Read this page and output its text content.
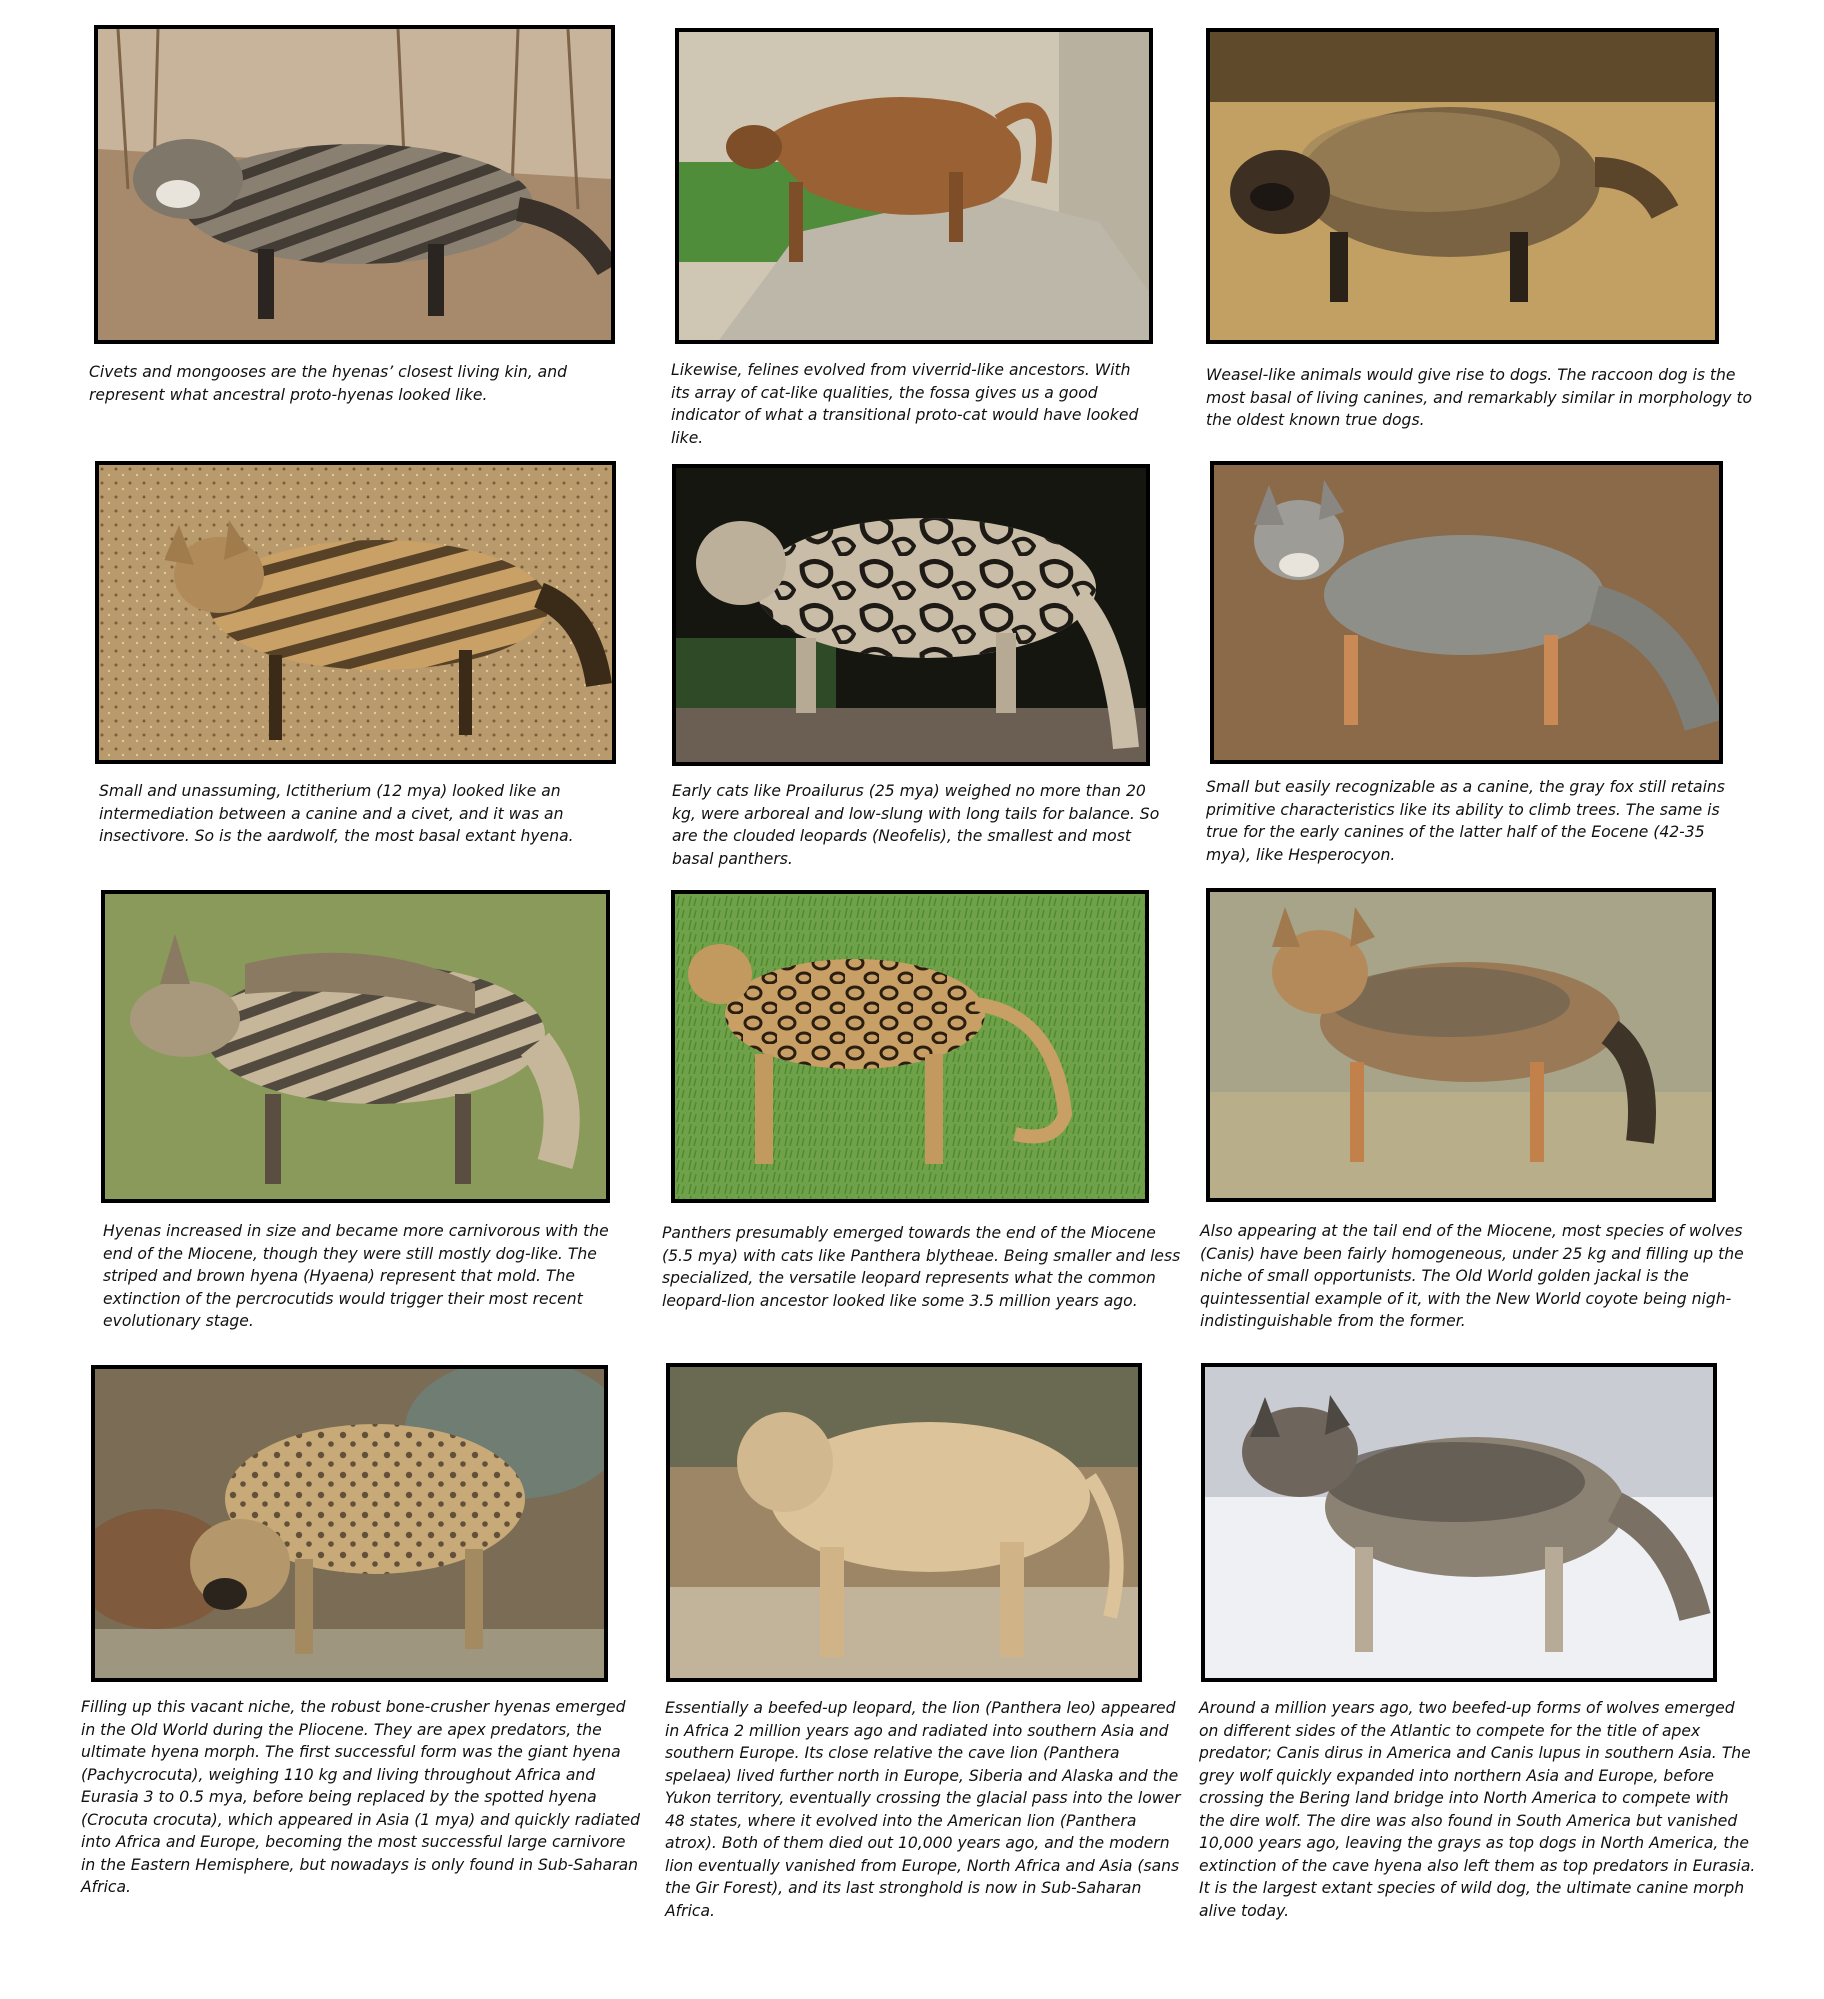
Civets and mongooses are the hyenas’ closest living kin, and represent what ancestral proto-hyenas looked like.

Likewise, felines evolved from viverrid-like ancestors. With its array of cat-like qualities, the fossa gives us a good indicator of what a transitional proto-cat would have looked like.

Weasel-like animals would give rise to dogs. The raccoon dog is the most basal of living canines, and remarkably similar in morphology to the oldest known true dogs.

Small and unassuming, Ictitherium (12 mya) looked like an intermediation between a canine and a civet, and it was an insectivore. So is the aardwolf, the most basal extant hyena.

Early cats like Proailurus (25 mya) weighed no more than 20 kg, were arboreal and low-slung with long tails for balance. So are the clouded leopards (Neofelis), the smallest and most basal panthers.

Small but easily recognizable as a canine, the gray fox still retains primitive characteristics like its ability to climb trees. The same is true for the early canines of the latter half of the Eocene (42-35 mya), like Hesperocyon.

Hyenas increased in size and became more carnivorous with the end of the Miocene, though they were still mostly dog-like. The striped and brown hyena (Hyaena) represent that mold. The extinction of the percrocutids would trigger their most recent evolutionary stage.

Panthers presumably emerged towards the end of the Miocene (5.5 mya) with cats like Panthera blytheae. Being smaller and less specialized, the versatile leopard represents what the common leopard-lion ancestor looked like some 3.5 million years ago.

Also appearing at the tail end of the Miocene, most species of wolves (Canis) have been fairly homogeneous, under 25 kg and filling up the niche of small opportunists. The Old World golden jackal is the quintessential example of it, with the New World coyote being nigh-indistinguishable from the former.

Filling up this vacant niche, the robust bone-crusher hyenas emerged in the Old World during the Pliocene. They are apex predators, the ultimate hyena morph. The first successful form was the giant hyena (Pachycrocuta), weighing 110 kg and living throughout Africa and Eurasia 3 to 0.5 mya, before being replaced by the spotted hyena (Crocuta crocuta), which appeared in Asia (1 mya) and quickly radiated into Africa and Europe, becoming the most successful large carnivore in the Eastern Hemisphere, but nowadays is only found in Sub-Saharan Africa.

Essentially a beefed-up leopard, the lion (Panthera leo) appeared in Africa 2 million years ago and radiated into southern Asia and southern Europe. Its close relative the cave lion (Panthera spelaea) lived further north in Europe, Siberia and Alaska and the Yukon territory, eventually crossing the glacial pass into the lower 48 states, where it evolved into the American lion (Panthera atrox). Both of them died out 10,000 years ago, and the modern lion eventually vanished from Europe, North Africa and Asia (sans the Gir Forest), and its last stronghold is now in Sub-Saharan Africa.

Around a million years ago, two beefed-up forms of wolves emerged on different sides of the Atlantic to compete for the title of apex predator; Canis dirus in America and Canis lupus in southern Asia. The grey wolf quickly expanded into northern Asia and Europe, before crossing the Bering land bridge into North America to compete with the dire wolf. The dire was also found in South America but vanished 10,000 years ago, leaving the grays as top dogs in North America, the extinction of the cave hyena also left them as top predators in Eurasia. It is the largest extant species of wild dog, the ultimate canine morph alive today.
